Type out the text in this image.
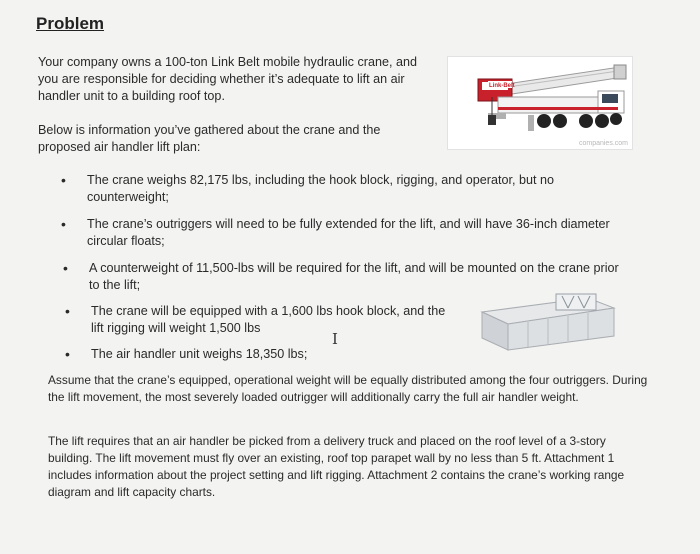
Problem

Your company owns a 100-ton Link Belt mobile hydraulic crane, and you are responsible for deciding whether it’s adequate to lift an air handler unit to a building roof top.

Below is information you’ve gathered about the crane and the proposed air handler lift plan:

Link-Belt
companies.com
• The crane weighs 82,175 lbs, including the hook block, rigging, and operator, but no counterweight;
• The crane’s outriggers will need to be fully extended for the lift, and will have 36-inch diameter circular floats;
• A counterweight of 11,500-lbs will be required for the lift, and will be mounted on the crane prior to the lift;
• The crane will be equipped with a 1,600 lbs hook block, and the lift rigging will weight 1,500 lbs
• The air handler unit weighs 18,350 lbs;
I

Assume that the crane’s equipped, operational weight will be equally distributed among the four outriggers. During the lift movement, the most severely loaded outrigger will additionally carry the full air handler weight.

The lift requires that an air handler be picked from a delivery truck and placed on the roof level of a 3-story building. The lift movement must fly over an existing, roof top parapet wall by no less than 5 ft. Attachment 1 includes information about the project setting and lift rigging. Attachment 2 contains the crane’s working range diagram and lift capacity charts.
